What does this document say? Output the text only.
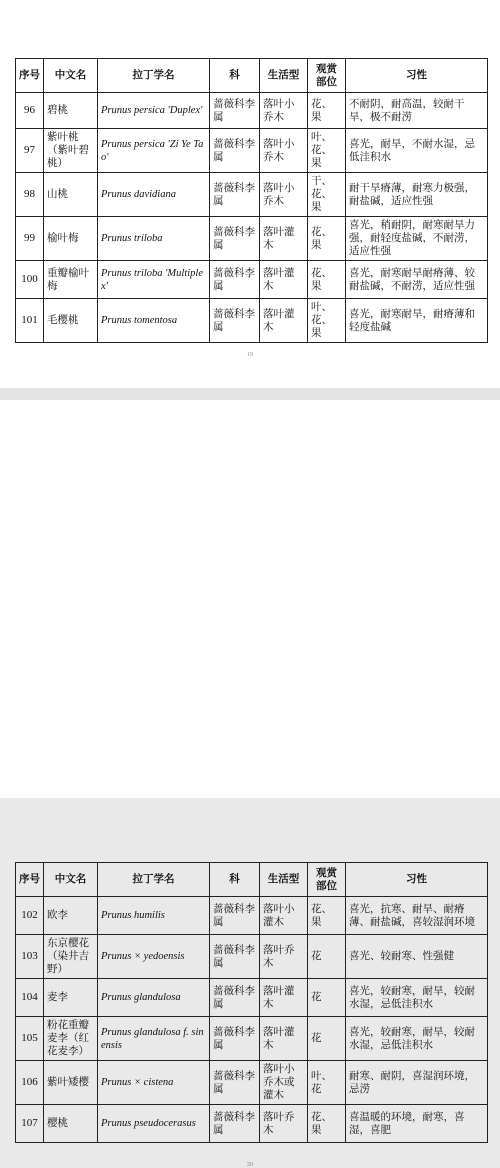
序号	中文名	拉丁学名	科	生活型	观赏部位	习性
96	碧桃	Prunus persica 'Duplex'	蔷薇科李属	落叶小乔木	花、果	不耐阴，耐高温，较耐干旱，极不耐涝
97	紫叶桃（紫叶碧桃）	Prunus persica 'Zi Ye Tao'	蔷薇科李属	落叶小乔木	叶、花、果	喜光，耐旱，不耐水湿，忌低洼积水
98	山桃	Prunus davidiana	蔷薇科李属	落叶小乔木	干、花、果	耐干旱瘠薄，耐寒力极强，耐盐碱，适应性强
99	榆叶梅	Prunus triloba	蔷薇科李属	落叶灌木	花、果	喜光，稍耐阴，耐寒耐旱力强，耐轻度盐碱，不耐涝，适应性强
100	重瓣榆叶梅	Prunus triloba 'Multiplex'	蔷薇科李属	落叶灌木	花、果	喜光，耐寒耐旱耐瘠薄、较耐盐碱，不耐涝，适应性强
101	毛樱桃	Prunus tomentosa	蔷薇科李属	落叶灌木	叶、花、果	喜光，耐寒耐旱，耐瘠薄和轻度盐碱
19
序号	中文名	拉丁学名	科	生活型	观赏部位	习性
102	欧李	Prunus humilis	蔷薇科李属	落叶小灌木	花、果	喜光，抗寒、耐旱、耐瘠薄、耐盐碱，喜较湿润环境
103	东京樱花（染井吉野）	Prunus × yedoensis	蔷薇科李属	落叶乔木	花	喜光、较耐寒、性强健
104	麦李	Prunus glandulosa	蔷薇科李属	落叶灌木	花	喜光，较耐寒，耐旱，较耐水湿，忌低洼积水
105	粉花重瓣麦李（红花麦李）	Prunus glandulosa f. sinensis	蔷薇科李属	落叶灌木	花	喜光，较耐寒，耐旱，较耐水湿，忌低洼积水
106	紫叶矮樱	Prunus × cistena	蔷薇科李属	落叶小乔木或灌木	叶、花	耐寒、耐阴，喜湿润环境，忌涝
107	樱桃	Prunus pseudocerasus	蔷薇科李属	落叶乔木	花、果	喜温暖的环境，耐寒，喜湿，喜肥
20
